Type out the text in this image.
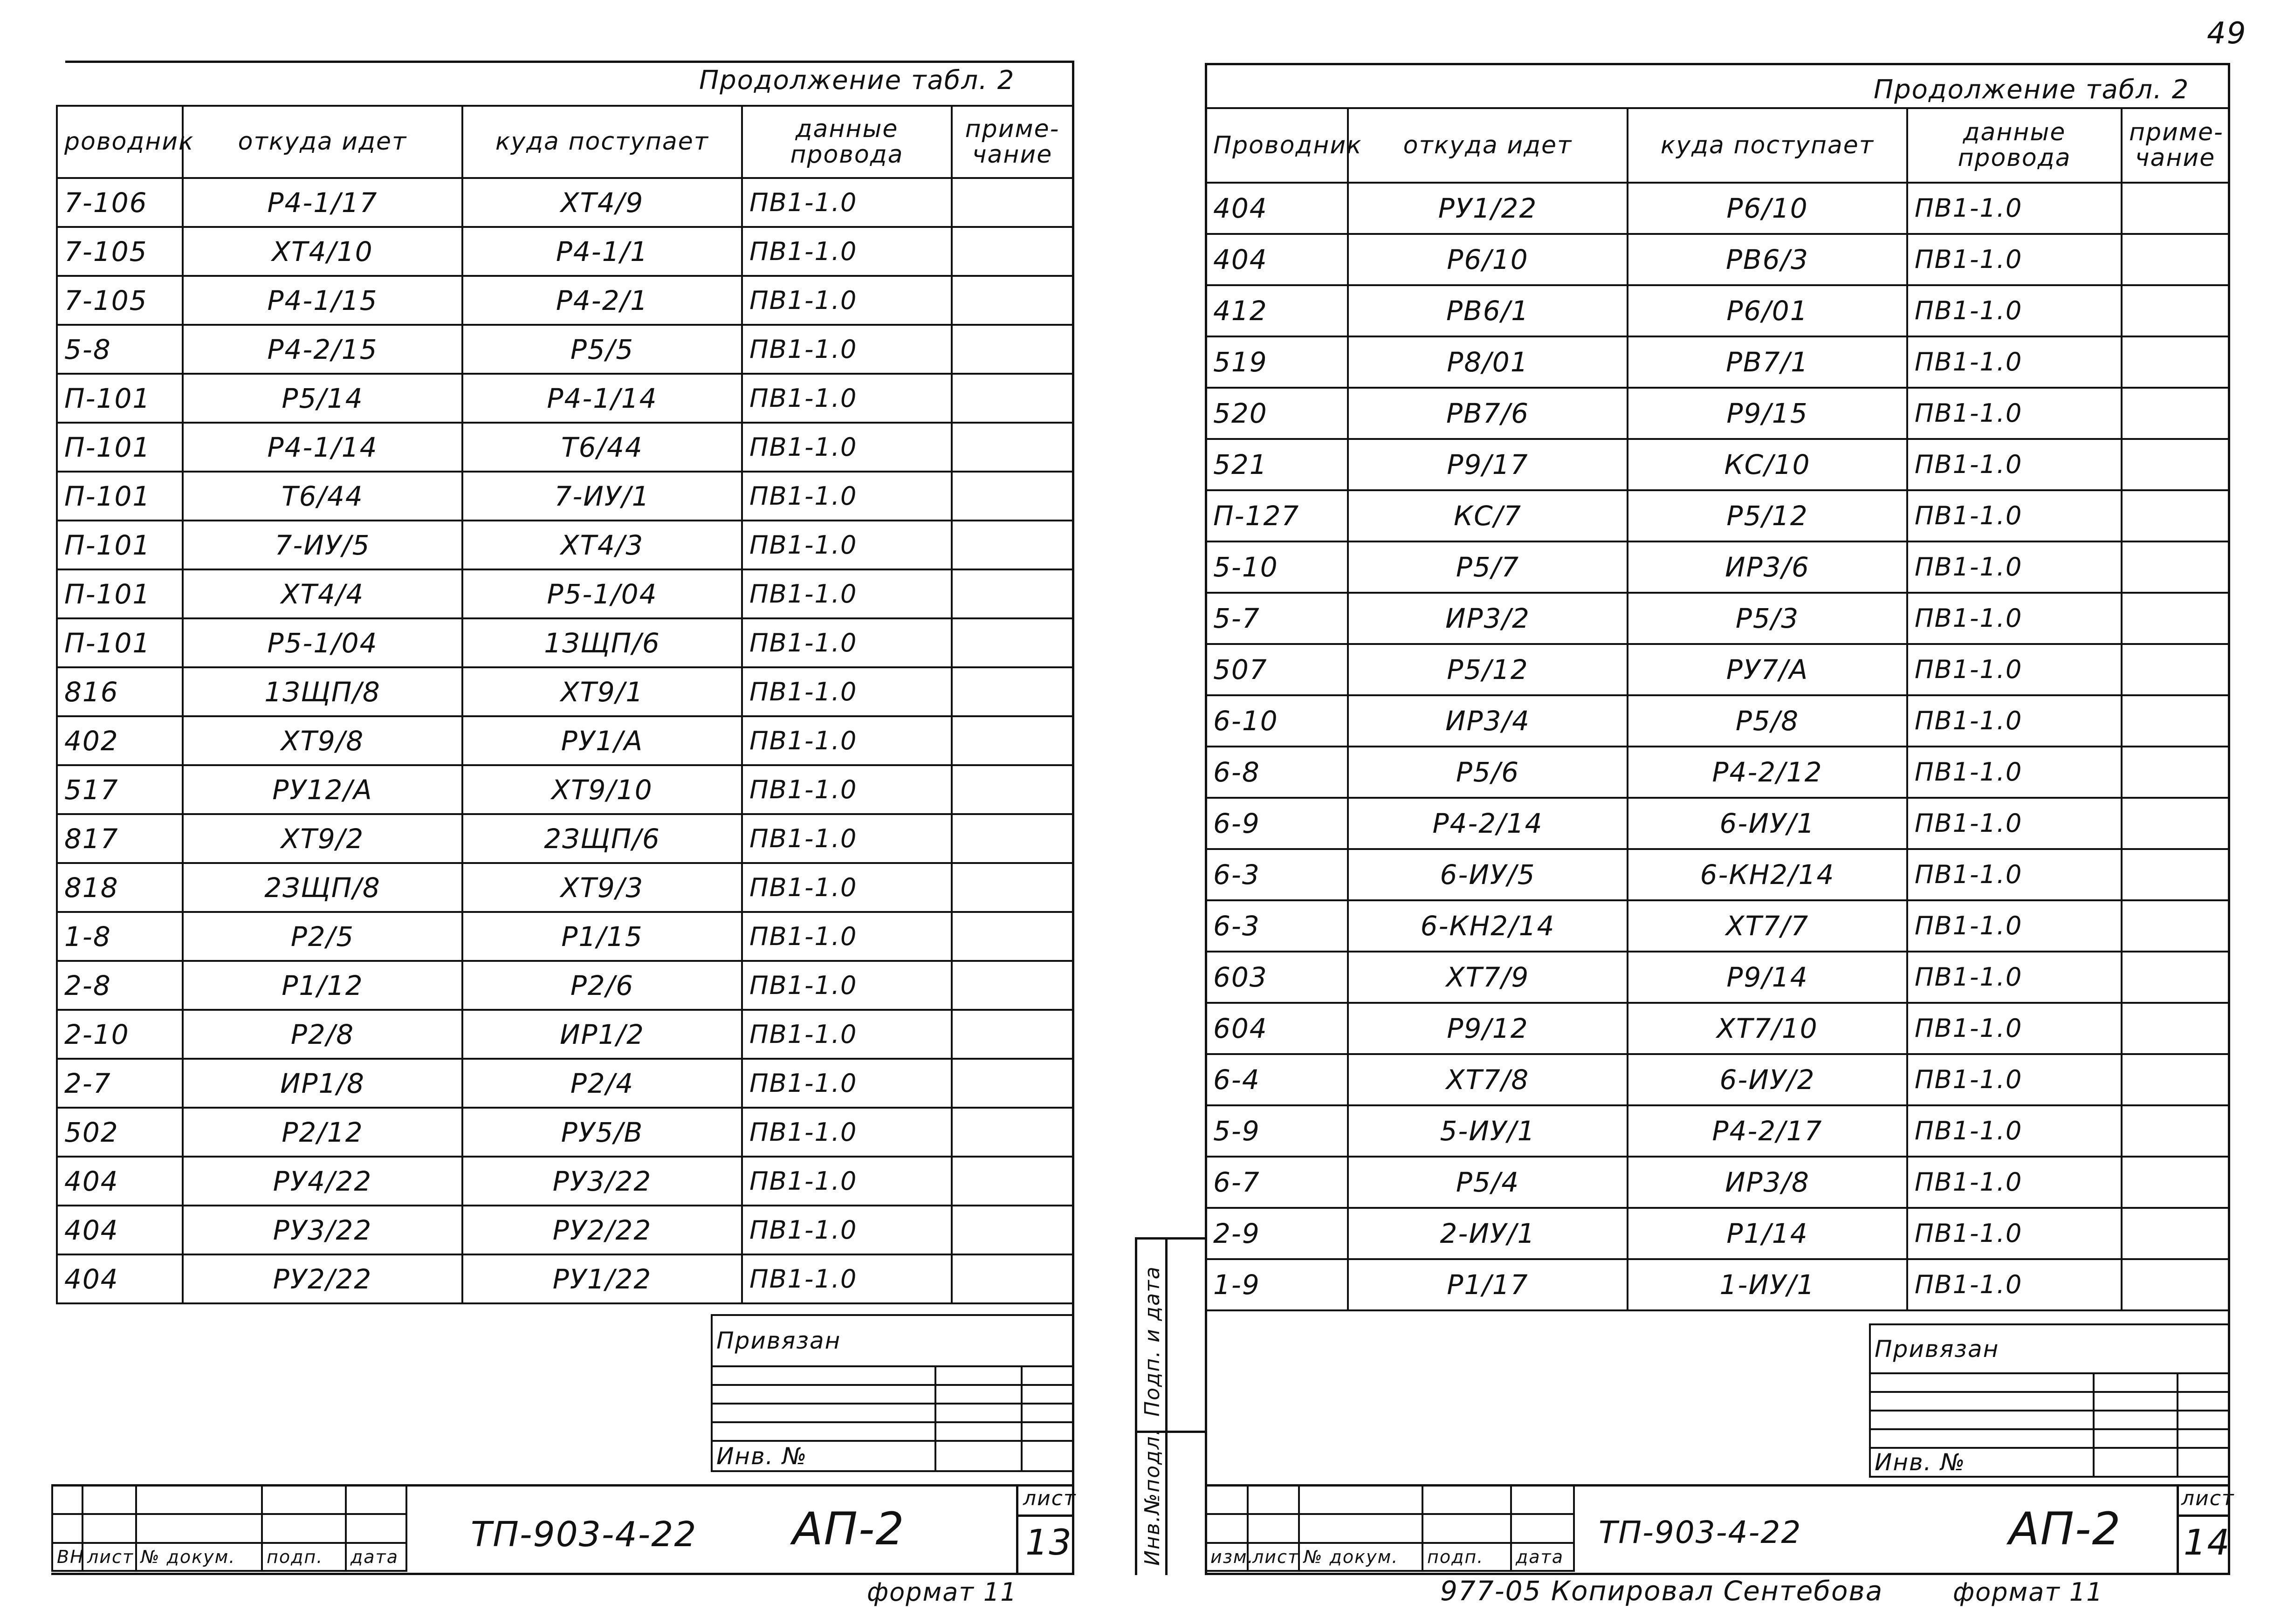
49
Продолжение табл. 2
роводник	откуда идет	куда поступает	данные провода	приме-чание
7-106	Р4-1/17	ХТ4/9	ПВ1-1.0	
7-105	ХТ4/10	Р4-1/1	ПВ1-1.0	
7-105	Р4-1/15	Р4-2/1	ПВ1-1.0	
5-8	Р4-2/15	Р5/5	ПВ1-1.0	
П-101	Р5/14	Р4-1/14	ПВ1-1.0	
П-101	Р4-1/14	Т6/44	ПВ1-1.0	
П-101	Т6/44	7-ИУ/1	ПВ1-1.0	
П-101	7-ИУ/5	ХТ4/3	ПВ1-1.0	
П-101	ХТ4/4	Р5-1/04	ПВ1-1.0	
П-101	Р5-1/04	1ЗЩП/6	ПВ1-1.0	
816	1ЗЩП/8	ХТ9/1	ПВ1-1.0	
402	ХТ9/8	РУ1/А	ПВ1-1.0	
517	РУ12/А	ХТ9/10	ПВ1-1.0	
817	ХТ9/2	2ЗЩП/6	ПВ1-1.0	
818	2ЗЩП/8	ХТ9/3	ПВ1-1.0	
1-8	Р2/5	Р1/15	ПВ1-1.0	
2-8	Р1/12	Р2/6	ПВ1-1.0	
2-10	Р2/8	ИР1/2	ПВ1-1.0	
2-7	ИР1/8	Р2/4	ПВ1-1.0	
502	Р2/12	РУ5/В	ПВ1-1.0	
404	РУ4/22	РУ3/22	ПВ1-1.0	
404	РУ3/22	РУ2/22	ПВ1-1.0	
404	РУ2/22	РУ1/22	ПВ1-1.0	
Привязан		

Инв. №		

ВН	лист	№ докум.	подп.	дата
ТП-903-4-22 АП-2
лист
13
формат 11
Инв.№подл.
Подп. и дата
Продолжение табл. 2
Проводник	откуда идет	куда поступает	данные провода	приме-чание
404	РУ1/22	Р6/10	ПВ1-1.0	
404	Р6/10	РВ6/3	ПВ1-1.0	
412	РВ6/1	Р6/01	ПВ1-1.0	
519	Р8/01	РВ7/1	ПВ1-1.0	
520	РВ7/6	Р9/15	ПВ1-1.0	
521	Р9/17	КС/10	ПВ1-1.0	
П-127	КС/7	Р5/12	ПВ1-1.0	
5-10	Р5/7	ИР3/6	ПВ1-1.0	
5-7	ИР3/2	Р5/3	ПВ1-1.0	
507	Р5/12	РУ7/А	ПВ1-1.0	
6-10	ИР3/4	Р5/8	ПВ1-1.0	
6-8	Р5/6	Р4-2/12	ПВ1-1.0	
6-9	Р4-2/14	6-ИУ/1	ПВ1-1.0	
6-3	6-ИУ/5	6-КН2/14	ПВ1-1.0	
6-3	6-КН2/14	ХТ7/7	ПВ1-1.0	
603	ХТ7/9	Р9/14	ПВ1-1.0	
604	Р9/12	ХТ7/10	ПВ1-1.0	
6-4	ХТ7/8	6-ИУ/2	ПВ1-1.0	
5-9	5-ИУ/1	Р4-2/17	ПВ1-1.0	
6-7	Р5/4	ИР3/8	ПВ1-1.0	
2-9	2-ИУ/1	Р1/14	ПВ1-1.0	
1-9	Р1/17	1-ИУ/1	ПВ1-1.0	
Привязан		

Инв. №		

изм.	лист	№ докум.	подп.	дата
ТП-903-4-22	АП-2
лист
14
977-05 Копировал Сентебова	формат 11
